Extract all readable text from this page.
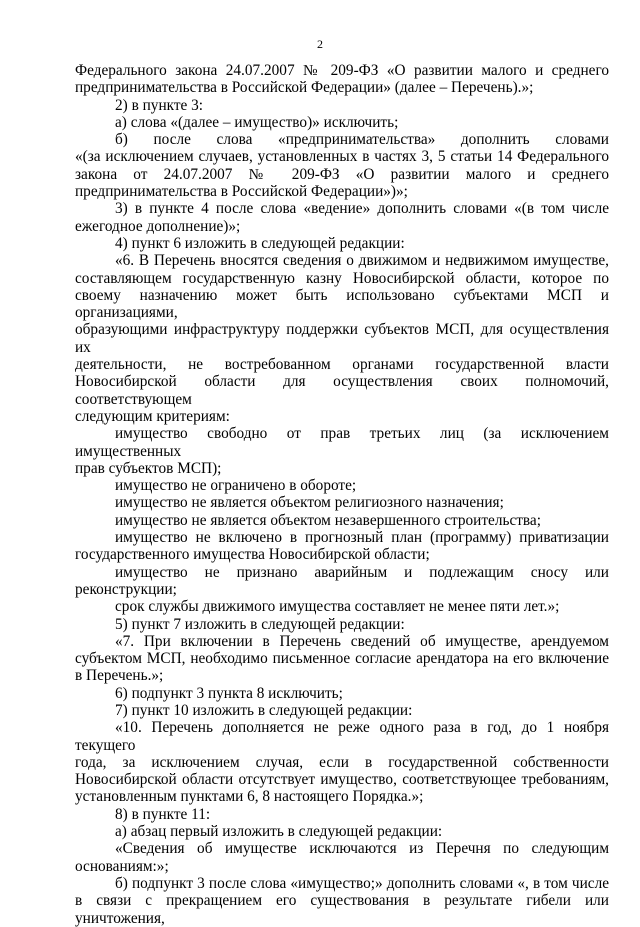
2
Федерального закона 24.07.2007 № 209-ФЗ «О развитии малого и среднего
предпринимательства в Российской Федерации» (далее – Перечень).»;
2) в пункте 3:
а) слова «(далее – имущество)» исключить;
б) после слова «предпринимательства» дополнить словами
«(за исключением случаев, установленных в частях 3, 5 статьи 14 Федерального
закона от 24.07.2007 № 209-ФЗ «О развитии малого и среднего
предпринимательства в Российской Федерации»)»;
3) в пункте 4 после слова «ведение» дополнить словами «(в том числе
ежегодное дополнение)»;
4) пункт 6 изложить в следующей редакции:
«6. В Перечень вносятся сведения о движимом и недвижимом имуществе,
составляющем государственную казну Новосибирской области, которое по
своему назначению может быть использовано субъектами МСП и организациями,
образующими инфраструктуру поддержки субъектов МСП, для осуществления их
деятельности, не востребованном органами государственной власти
Новосибирской области для осуществления своих полномочий, соответствующем
следующим критериям:
имущество свободно от прав третьих лиц (за исключением имущественных
прав субъектов МСП);
имущество не ограничено в обороте;
имущество не является объектом религиозного назначения;
имущество не является объектом незавершенного строительства;
имущество не включено в прогнозный план (программу) приватизации
государственного имущества Новосибирской области;
имущество не признано аварийным и подлежащим сносу или
реконструкции;
срок службы движимого имущества составляет не менее пяти лет.»;
5) пункт 7 изложить в следующей редакции:
«7. При включении в Перечень сведений об имуществе, арендуемом
субъектом МСП, необходимо письменное согласие арендатора на его включение
в Перечень.»;
6) подпункт 3 пункта 8 исключить;
7) пункт 10 изложить в следующей редакции:
«10. Перечень дополняется не реже одного раза в год, до 1 ноября текущего
года, за исключением случая, если в государственной собственности
Новосибирской области отсутствует имущество, соответствующее требованиям,
установленным пунктами 6, 8 настоящего Порядка.»;
8) в пункте 11:
а) абзац первый изложить в следующей редакции:
«Сведения об имуществе исключаются из Перечня по следующим
основаниям:»;
б) подпункт 3 после слова «имущество;» дополнить словами «, в том числе
в связи с прекращением его существования в результате гибели или уничтожения,
